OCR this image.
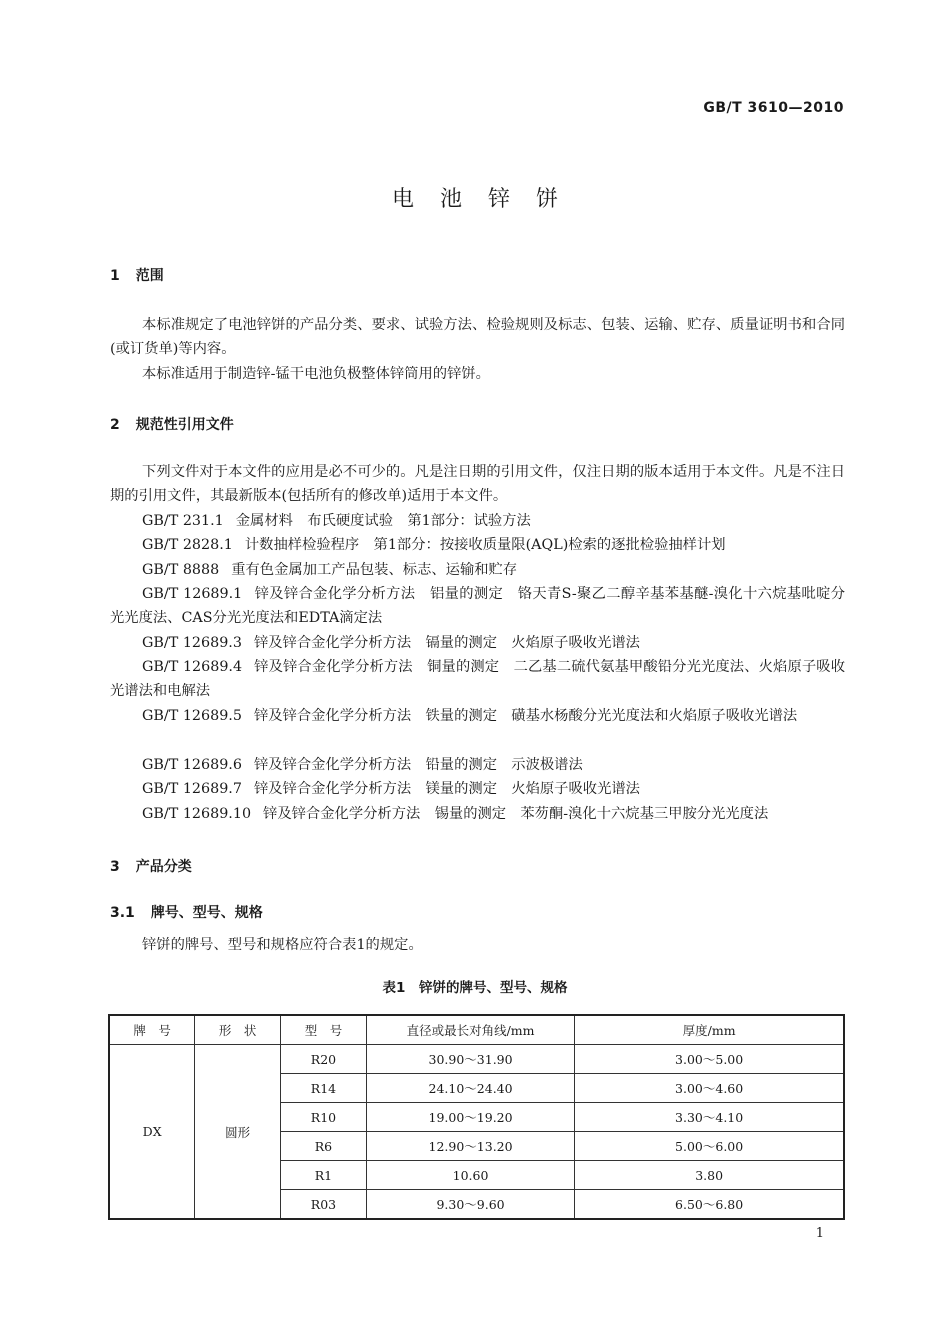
GB/T 3610—2010
电池锌饼
1 范围
本标准规定了电池锌饼的产品分类、要求、试验方法、检验规则及标志、包装、运输、贮存、质量证明书和合同(或订货单)等内容。
本标准适用于制造锌-锰干电池负极整体锌筒用的锌饼。
2 规范性引用文件
下列文件对于本文件的应用是必不可少的。凡是注日期的引用文件，仅注日期的版本适用于本文件。凡是不注日期的引用文件，其最新版本(包括所有的修改单)适用于本文件。
GB/T 231.1 金属材料　布氏硬度试验　第1部分：试验方法
GB/T 2828.1 计数抽样检验程序　第1部分：按接收质量限(AQL)检索的逐批检验抽样计划
GB/T 8888 重有色金属加工产品包装、标志、运输和贮存
GB/T 12689.1 锌及锌合金化学分析方法　铝量的测定　铬天青S-聚乙二醇辛基苯基醚-溴化十六烷基吡啶分光光度法、CAS分光光度法和EDTA滴定法
GB/T 12689.3 锌及锌合金化学分析方法　镉量的测定　火焰原子吸收光谱法
GB/T 12689.4 锌及锌合金化学分析方法　铜量的测定　二乙基二硫代氨基甲酸铅分光光度法、火焰原子吸收光谱法和电解法
GB/T 12689.5 锌及锌合金化学分析方法　铁量的测定　磺基水杨酸分光光度法和火焰原子吸收光谱法
GB/T 12689.6 锌及锌合金化学分析方法　铅量的测定　示波极谱法
GB/T 12689.7 锌及锌合金化学分析方法　镁量的测定　火焰原子吸收光谱法
GB/T 12689.10 锌及锌合金化学分析方法　锡量的测定　苯芴酮-溴化十六烷基三甲胺分光光度法
3 产品分类
3.1 牌号、型号、规格
锌饼的牌号、型号和规格应符合表1的规定。
表1　锌饼的牌号、型号、规格
牌　号	形　状	型　号	直径或最长对角线/mm	厚度/mm
DX	圆形	R20	30.90～31.90	3.00～5.00
		R14	24.10～24.40	3.00～4.60
		R10	19.00～19.20	3.30～4.10
		R6	12.90～13.20	5.00～6.00
		R1	10.60	3.80
		R03	9.30～9.60	6.50～6.80
1
